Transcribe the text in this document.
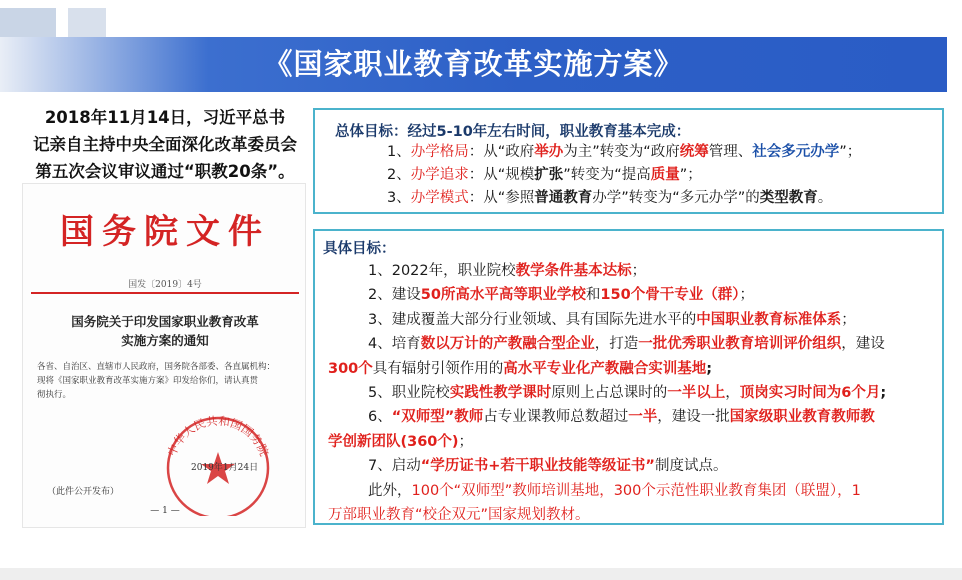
《国家职业教育改革实施方案》
2018年11月14日，习近平总书
记亲自主持中央全面深化改革委员会
第五次会议审议通过“职教20条”。
国务院文件
国发〔2019〕4号
国务院关于印发国家职业教育改革
实施方案的通知
各省、自治区、直辖市人民政府，国务院各部委、各直属机构：
现将《国家职业教育改革实施方案》印发给你们，请认真贯
彻执行。
中华人民共和国国务院
2019年1月24日
（此件公开发布）
— 1 —
总体目标：经过5-10年左右时间，职业教育基本完成：
1、办学格局：从“政府举办为主”转变为“政府统筹管理、社会多元办学”；
2、办学追求：从“规模扩张”转变为“提高质量”；
3、办学模式：从“参照普通教育办学”转变为“多元办学”的类型教育。
具体目标：

1、2022年，职业院校教学条件基本达标；

2、建设50所高水平高等职业学校和150个骨干专业（群）；

3、建成覆盖大部分行业领域、具有国际先进水平的中国职业教育标准体系；

4、培育数以万计的产教融合型企业，打造一批优秀职业教育培训评价组织，建设

300个具有辐射引领作用的高水平专业化产教融合实训基地;

5、职业院校实践性教学课时原则上占总课时的一半以上，顶岗实习时间为6个月;

6、“双师型”教师占专业课教师总数超过一半，建设一批国家级职业教育教师教

学创新团队(360个)；

7、启动“学历证书+若干职业技能等级证书”制度试点。

此外，100个“双师型”教师培训基地，300个示范性职业教育集团（联盟），1

万部职业教育“校企双元”国家规划教材。
